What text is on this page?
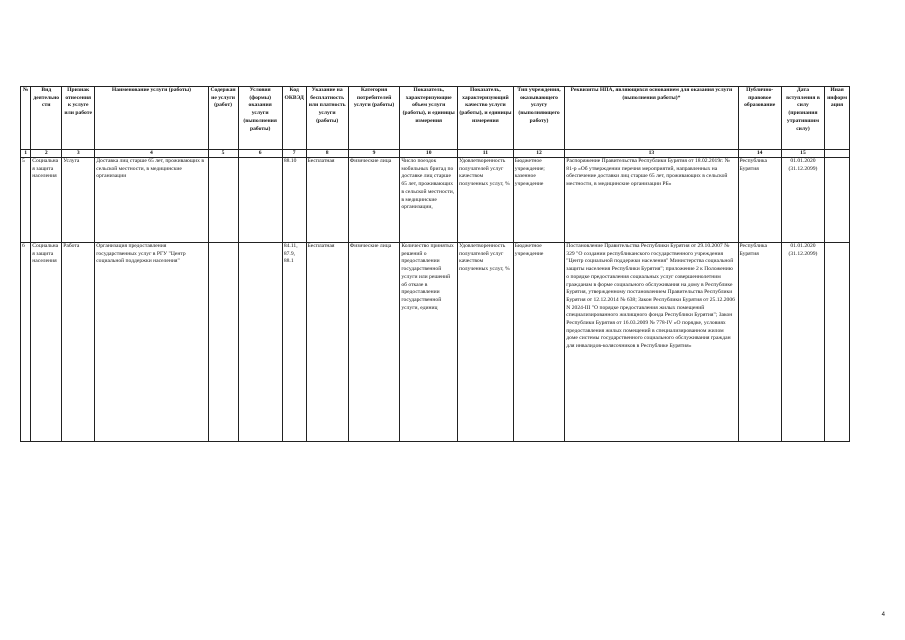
№	Вид деятельности	Признак отнесения к услуге или работе	Наименование услуги (работы)	Содержание услуги (работ)	Условия (формы) оказания услуги (выполнения работы)	Код ОКВЭД	Указание на бесплатность или платность услуги (работы)	Категория потребителей услуги (работы)	Показатель, характеризующие объем услуги (работы), и единицы измерения	Показатель, характеризующий качество услуги (работы), и единицы измерения	Тип учреждения, оказывающего услугу (выполняющего работу)	Реквизиты НПА, являющихся основанием для оказания услуги (выполнения работы)*	Публично-правовое образование	Дата вступления в силу (признания утратившим силу)	Иная информация
1	2	3	4	5	6	7	8	9	10	11	12	13	14	15	
5	Социальная защита населения	Услуга	Доставка лиц старше 65 лет, проживающих в сельской местности, в медицинские организации			88.10	Бесплатная	Физические лица	Число поездок мобильных бригад по доставке лиц старше 65 лет, проживающих в сельской местности, в медицинские организации,	Удовлетворенность получателей услуг качеством полученных услуг, %	Бюджетное учреждение; казенное учреждение	Распоряжение Правительства Республики Бурятия от 18.02.2019г. № 81-р «Об утверждении перечня мероприятий, направленных на обеспечение доставки лиц старше 65 лет, проживающих в сельской местности, в медицинские организации РБ»	Республика Бурятия	01.01.2020 (31.12.2099)	
6	Социальная защита населения	Работа	Организация предоставления государственных услуг в РГУ "Центр социальной поддержки населения"			84.11, 87.9, 88.1	Бесплатная	Физические лица	Количество принятых решений о предоставлении государственной услуги или решений об отказе в предоставлении государственной услуги, единиц	Удовлетворенность получателей услуг качеством полученных услуг, %	Бюджетное учреждение	Постановление Правительства Республики Бурятия от 29.10.2007 № 329 "О создании республиканского государственного учреждения "Центр социальной поддержки населения" Министерства социальной защиты населения Республики Бурятия"; приложение 2 к Положению о порядке предоставления социальных услуг совершеннолетним гражданам в форме социального обслуживания на дому в Республике Бурятия, утвержденному постановлением Правительства Республики Бурятия от 12.12.2014 № 638; Закон Республики Бурятия от 25.12.2006 N 2024-III "О порядке предоставления жилых помещений специализированного жилищного фонда Республики Бурятия"; Закон Республики Бурятия от 16.03.2009 № 778-IV «О порядке, условиях предоставления жилых помещений в специализированном жилом доме системы государственного социального обслуживания граждан для инвалидов-колясочников в Республике Бурятия»	Республика Бурятия	01.01.2020 (31.12.2099)	
4
